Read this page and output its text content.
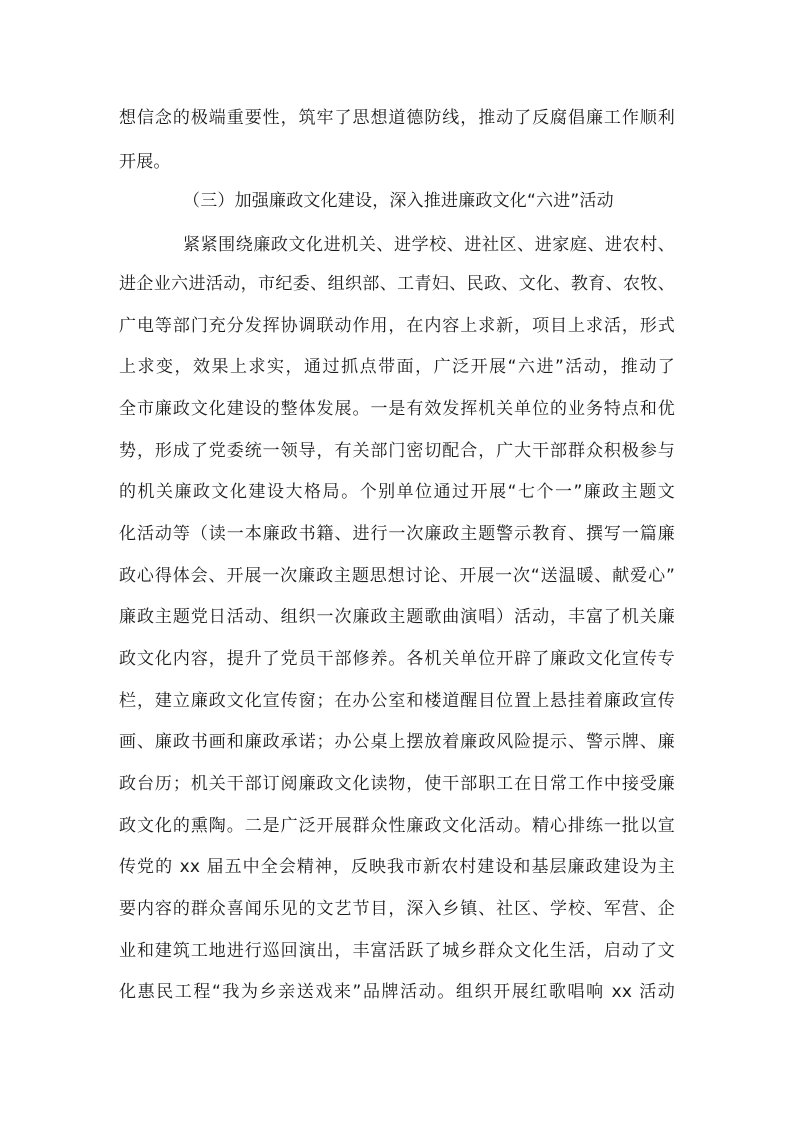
想信念的极端重要性，筑牢了思想道德防线，推动了反腐倡廉工作顺利
开展。
（三）加强廉政文化建设，深入推进廉政文化“六进”活动
紧紧围绕廉政文化进机关、进学校、进社区、进家庭、进农村、
进企业六进活动，市纪委、组织部、工青妇、民政、文化、教育、农牧、
广电等部门充分发挥协调联动作用，在内容上求新，项目上求活，形式
上求变，效果上求实，通过抓点带面，广泛开展“六进”活动，推动了
全市廉政文化建设的整体发展。一是有效发挥机关单位的业务特点和优
势，形成了党委统一领导，有关部门密切配合，广大干部群众积极参与
的机关廉政文化建设大格局。个别单位通过开展“七个一”廉政主题文
化活动等（读一本廉政书籍、进行一次廉政主题警示教育、撰写一篇廉
政心得体会、开展一次廉政主题思想讨论、开展一次“送温暖、献爱心”
廉政主题党日活动、组织一次廉政主题歌曲演唱）活动，丰富了机关廉
政文化内容，提升了党员干部修养。各机关单位开辟了廉政文化宣传专
栏，建立廉政文化宣传窗；在办公室和楼道醒目位置上悬挂着廉政宣传
画、廉政书画和廉政承诺；办公桌上摆放着廉政风险提示、警示牌、廉
政台历；机关干部订阅廉政文化读物，使干部职工在日常工作中接受廉
政文化的熏陶。二是广泛开展群众性廉政文化活动。精心排练一批以宣
传党的 xx 届五中全会精神，反映我市新农村建设和基层廉政建设为主
要内容的群众喜闻乐见的文艺节目，深入乡镇、社区、学校、军营、企
业和建筑工地进行巡回演出，丰富活跃了城乡群众文化生活，启动了文
化惠民工程“我为乡亲送戏来”品牌活动。组织开展红歌唱响 xx 活动
